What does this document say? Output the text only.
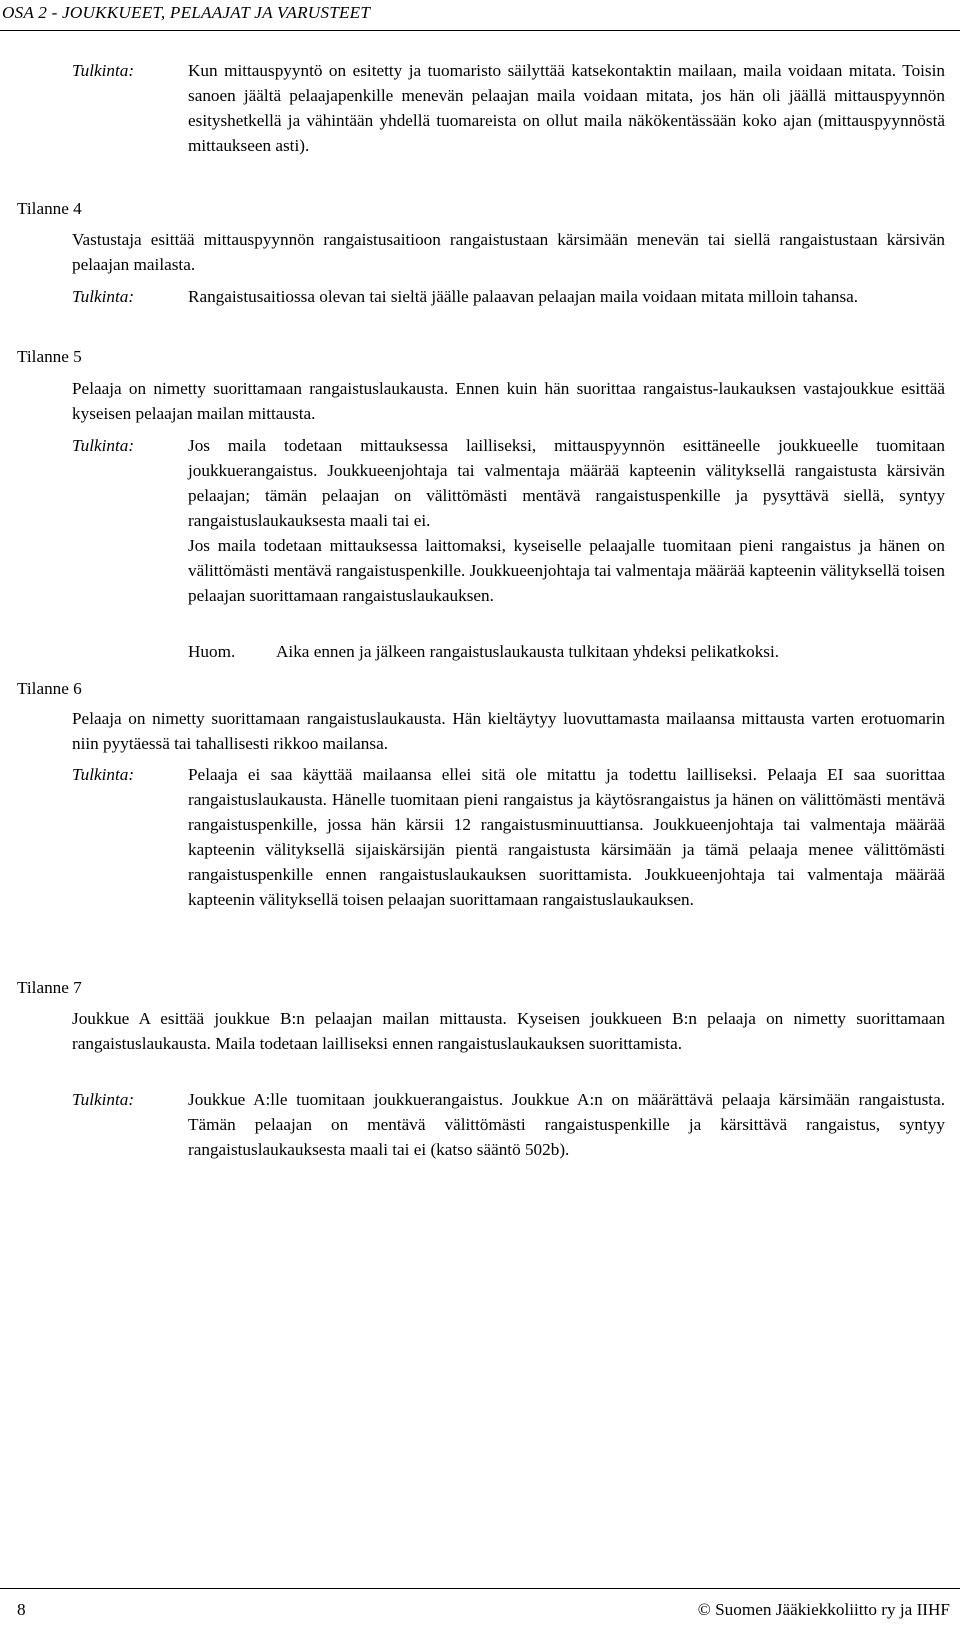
OSA 2 - JOUKKUEET, PELAAJAT JA VARUSTEET
Tulkinta:	Kun mittauspyyntö on esitetty ja tuomaristo säilyttää katsekontaktin mailaan, maila voidaan mitata. Toisin sanoen jäältä pelaajapenkille menevän pelaajan maila voidaan mitata, jos hän oli jäällä mittauspyynnön esityshetkellä ja vähintään yhdellä tuomareista on ollut maila näkökentässään koko ajan (mittauspyynnöstä mittaukseen asti).
Tilanne 4
Vastustaja esittää mittauspyynnön rangaistusaitioon rangaistustaan kärsimään menevän tai siellä rangaistustaan kärsivän pelaajan mailasta.
Tulkinta:	Rangaistusaitiossa olevan tai sieltä jäälle palaavan pelaajan maila voidaan mitata milloin tahansa.
Tilanne 5
Pelaaja on nimetty suorittamaan rangaistuslaukausta. Ennen kuin hän suorittaa rangaistus-laukauksen vastajoukkue esittää kyseisen pelaajan mailan mittausta.
Tulkinta:	Jos maila todetaan mittauksessa lailliseksi, mittauspyynnön esittäneelle joukkueelle tuomitaan joukkuerangaistus. Joukkueenjohtaja tai valmentaja määrää kapteenin välityksellä rangaistusta kärsivän pelaajan; tämän pelaajan on välittömästi mentävä rangaistuspenkille ja pysyttävä siellä, syntyy rangaistuslaukauksesta maali tai ei.
Jos maila todetaan mittauksessa laittomaksi, kyseiselle pelaajalle tuomitaan pieni rangaistus ja hänen on välittömästi mentävä rangaistuspenkille. Joukkueenjohtaja tai valmentaja määrää kapteenin välityksellä toisen pelaajan suorittamaan rangaistuslaukauksen.
Huom. Aika ennen ja jälkeen rangaistuslaukausta tulkitaan yhdeksi pelikatkoksi.
Tilanne 6
Pelaaja on nimetty suorittamaan rangaistuslaukausta. Hän kieltäytyy luovuttamasta mailaansa mittausta varten erotuomarin niin pyytäessä tai tahallisesti rikkoo mailansa.
Tulkinta:	Pelaaja ei saa käyttää mailaansa ellei sitä ole mitattu ja todettu lailliseksi. Pelaaja EI saa suorittaa rangaistuslaukausta. Hänelle tuomitaan pieni rangaistus ja käytösrangaistus ja hänen on välittömästi mentävä rangaistuspenkille, jossa hän kärsii 12 rangaistusminuuttiansa. Joukkueenjohtaja tai valmentaja määrää kapteenin välityksellä sijaiskärsijän pientä rangaistusta kärsimään ja tämä pelaaja menee välittömästi rangaistuspenkille ennen rangaistuslaukauksen suorittamista. Joukkueenjohtaja tai valmentaja määrää kapteenin välityksellä toisen pelaajan suorittamaan rangaistuslaukauksen.
Tilanne 7
Joukkue A esittää joukkue B:n pelaajan mailan mittausta. Kyseisen joukkueen B:n pelaaja on nimetty suorittamaan rangaistuslaukausta. Maila todetaan lailliseksi ennen rangaistuslaukauksen suorittamista.
Tulkinta:	Joukkue A:lle tuomitaan joukkuerangaistus. Joukkue A:n on määrättävä pelaaja kärsimään rangaistusta. Tämän pelaajan on mentävä välittömästi rangaistuspenkille ja kärsittävä rangaistus, syntyy rangaistuslaukauksesta maali tai ei (katso sääntö 502b).
8	© Suomen Jääkiekkoliitto ry ja IIHF
